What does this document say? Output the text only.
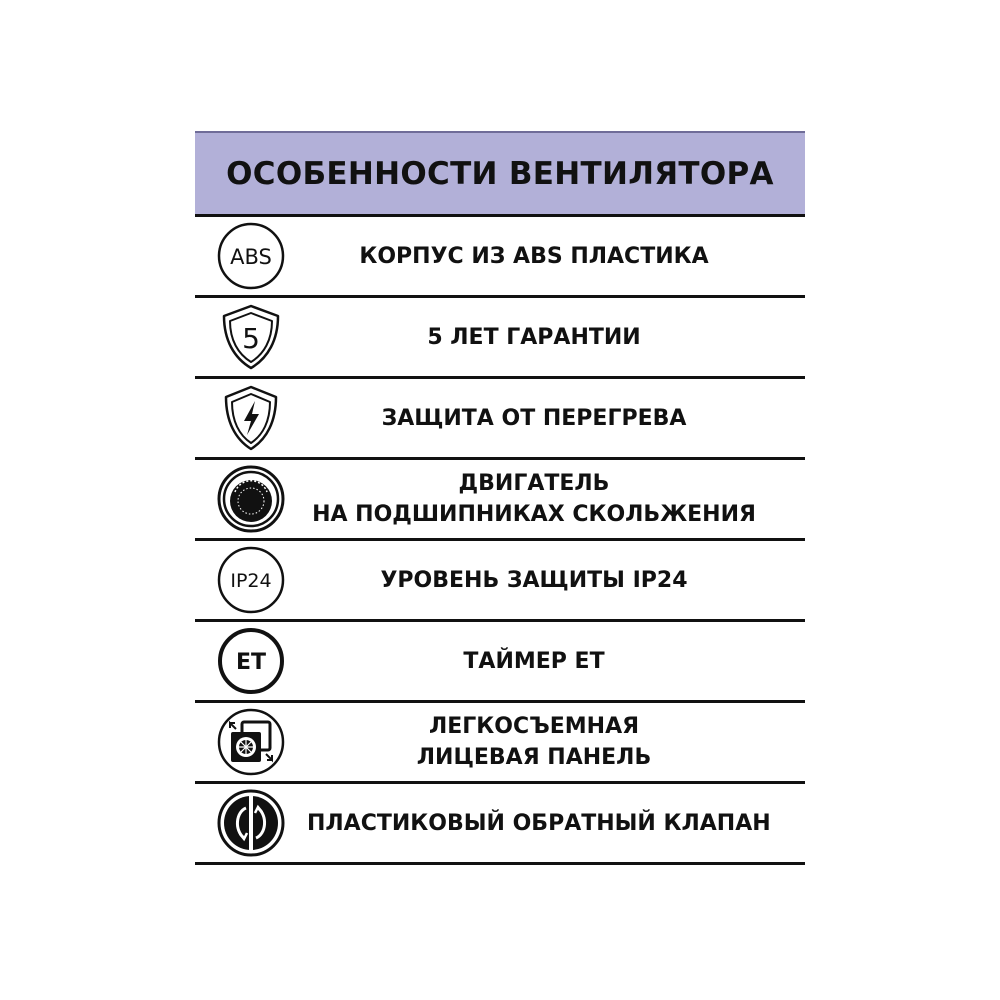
ОСОБЕННОСТИ ВЕНТИЛЯТОРА
ABS	КОРПУС ИЗ ABS ПЛАСТИКА
5	5 ЛЕТ ГАРАНТИИ
ЗАЩИТА ОТ ПЕРЕГРЕВА
ДВИГАТЕЛЬ
НА ПОДШИПНИКАХ СКОЛЬЖЕНИЯ
IP24	УРОВЕНЬ ЗАЩИТЫ IP24
ET	ТАЙМЕР ET
ЛЕГКОСЪЕМНАЯ
ЛИЦЕВАЯ ПАНЕЛЬ
ПЛАСТИКОВЫЙ ОБРАТНЫЙ КЛАПАН
